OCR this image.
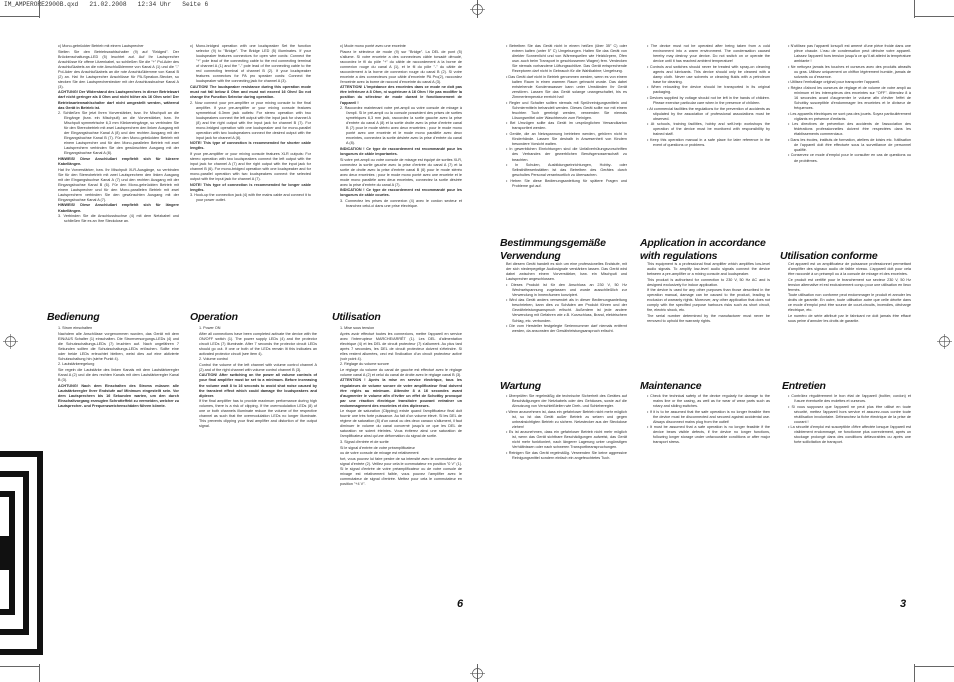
IM_AMPERORE2900B.qxd   21.02.2008   12:34 Uhr   Seite 6

c) Mono-gebrückter Betrieb mit einem Lautsprecher

Stellen Sie den Betriebswahlschalter (9) auf "Bridged". Der Brückenschaltungs-LED (5) leuchtet auf. Auf Ihr Lautsprecher Anschlüsse für offene Litzenkabel, so schließen Sie die "+" Pol-Ader des Anschlußkabels an die rote Anschlußklemme von Kanal A (1) und die "-" Pol-Ader des Anschlußkabels an die rote Anschlußklemme von Kanal B (2) an. Hat Ihr Lautsprecher Anschlüsse für PA-Speakon-Stecker, so stecken Sie den Lautsprecherstecker mit der Anschlussbuchse Kanal A (3).

ACHTUNG! Der Widerstand des Lautsprechers in dieser Betriebsart darf nicht geringer als 8 Ohm und nicht höher als 16 Ohm sein! Der Betriebsartenwahlschalter darf nicht umgestellt werden, während das Gerät in Betrieb ist.

2. Schließen Sie jetzt Ihren Vorverstärker, bzw. Ihr Mischpult an die Eingänge (bzw. ein Mischpult) an die Vorverstärker, bzw. Ihr Mischpult symmetrische 6,3 mm Klinkeneingänge, so verbinden Sie für den Stereobetrieb mit zwei Lautsprechern den linken Ausgang mit der Eingangsbuchse Kanal A (8) und den rechten Ausgang mit der Eingangsbuchse Kanal B (7). Für den Mono-gebrückten Betrieb mit einem Lautsprecher und für den Mono-parallelen Betrieb mit zwei Lautsprechern verbinden Sie den gewünschten Ausgang mit der Eingangsbuchse Kanal A (8).

HINWEIS! Diese Anschlußart empfiehlt sich für kürzere Kabellängen.

Hat Ihr Vorverstärker, bzw. Ihr Mischpult XLR-Ausgänge, so verbinden Sie für den Stereobetrieb mit zwei Lautsprechern den linken Ausgang mit der Eingangsbuchse Kanal A (7) und den rechten Ausgang mit der Eingangsbuchse Kanal B (6). Für den Mono-gebrückten Betrieb mit einem Lautsprecher und für den Mono-parallelen Betrieb mit zwei Lautsprechern verbinden Sie den gewünschten Ausgang mit der Eingangsbuchse Kanal A (7).

HINWEIS! Diese Anschlußart empfiehlt sich für längere Kabellängen.

3. Verbinden Sie die Anschlussbuchse (4) mit dem Netzkabel und schließen Sie es an Ihre Steckdose an.

Bedienung

1. Strom einschalten

Nachdem alle Anschlüsse vorgenommen wurden, das Gerät mit dem EIN/AUS Schalter (1) einschalten. Die Stromversorgungs-LEDs (4) und die Schutzschaltungs-LEDs (7) leuchten auf. Nach ungefähren 7 Sekunden sollten die Schutzschaltungs-LEDs erlöschen. Sollte eine oder beide LEDs erleuchtet bleiben, weist dies auf eine aktivierte Schutzschaltung hin (siehe Punkt 4).

2. Lautstärkeregelung

Sie regeln die Lautstärke des linken Kanals mit dem Lautstärkeregler Kanal A (2) und die des rechten Kanals mit dem Lautstärkeregler Kanal B (3).

ACHTUNG! Nach dem Einschalten des Stroms müssen alle Lautstärkeregler Ihrer Endstufe auf Minimum eingestellt sein. Vor dem Lautsprechern bis 16 Sekunden warten, um den durch Einschaltvorgang erzeugten Schrotteffekt zu vermeiden, welcher zu Lautsprecher- und Frequenzweichenschäden führen könnte.

c) Mono-bridged operation with one loudspeaker Set the function selector (9) to "Bridge". The Bridge LED (5) illuminates. If your loudspeaker features connectors for open wire cords: Connect the "+" pole lead of the connecting cable to the red connecting terminal of channel A (1) and the "-" pole lead of the connecting cable to the red connecting terminal of channel B (2). If your loudspeaker features connectors for PA pro speaker cords: Connect the loudspeaker with the connecting jack for channel A (3).

CAUTION! The loudspeaker resistance during this operation mode must not fall below 8 Ohm and must not exceed 16 Ohm! Do not change the Function Selector during operation.

2. Now connect your pre-amplifier or your mixing console to the final amplifier. If your pre-amplifier or your mixing console features symmetrical 6.3mm jack outlets: For stereo operation with two loudspeakers connect the left output with the input jack for channel A (8) and the right output with the input jack for channel B (7). For mono-bridged operation with one loudspeaker and for mono-parallel operation with two loudspeakers connect the desired output with the input jack for channel A (8).

NOTE! This type of connection is recommended for shorter cable lengths.

If your pre-amplifier or your mixing console features XLR outputs: For stereo operation with two loudspeakers connect the left output with the input jack for channel A (7) and the right output with the input jack for channel B (6). For mono-bridged operation with one loudspeaker and for mono-parallel operation with two loudspeakers connect the selected output with the input jack for channel A (7).

NOTE! This type of connection is recommended for longer cable lengths.

3. Hook-up the connection jack (4) with the mains cable and connect it to your power outlet.

Operation

1. Power ON

After all connections have been completed activate the device with the ON/OFF switch (1). The power supply LEDs (4) and the protector circuit LEDs (7) illuminate. After 7 seconds the protector circuit LEDs should go out. If one or both of the LEDs remain lit this indicates an activated protector circuit (see item 4).

2. Volume control

Control the volume of the left channel with volume control channel A (2) and of the right channel with volume control channel B (3).

CAUTION! After switching on the power all volume controls of your final amplifier must be set to a minimum. Before increasing the volume wait 8 to 16 seconds to avoid shot noise caused by the transient effect which could damage the loudspeakers and diplexer.

If the final amplifier has to provide maximum performance during high volumes, there is a risk of clipping. If the overmodulation LEDs (8) of one or both channels illuminate reduce the volume of the respective channel as such that the overmodulation LEDs no longer illuminate. This prevents clipping your final amplifier and distortion of the output signal.

c) Mode mono ponté avec une enceinte

Placez le sélecteur de mode (9) sur "Bridge". La DEL de pont (5) s'allume. Si votre enceinte a des connecteurs câble torsadé dénudé, raccordez le fil du pôle "+" du câble de raccordement à la borne de connexion rouge du canal A (1), et le fil du pôle "-" du câble de raccordement à la borne de connexion rouge du canal B (2). Si votre enceinte a des connecteurs pour câble d'enceinte PA Pro(2), raccordez l'enceinte avec la borne de raccord d'enceinte du canal A (3).

ATTENTION! L'impédance des enceintes dans ce mode ne doit pas être inférieure à 8 Ohm, ni supérieure à 16 Ohm ! Ne pas modifier la position du sélecteur de mode durant le fonctionnement de l'appareil !

2. Raccordez maintenant votre pré-ampli ou votre console de mixage à l'ampli. Si le pré-ampli ou la console possèdent des prises de sorties symétriques 6,3 mm jack, raccordez la sortie gauche avec la prise d'entrée du canal A (8) et la sortie droite avec la prise d'entrée canal B (7) pour le mode stéréo avec deux enceintes ; pour le mode mono ponté avec une enceinte et le mode mono parallèle avec deux enceintes, connectez la sortie désirée avec la prise d'entrée du canal A (8).

INDICATION ! Ce type de raccordement est recommandé pour les longueurs de câble importantes.

Si votre pré-ampli ou votre console de mixage est équipé de sorties XLR, connectez la sortie gauche avec la prise d'entrée du canal A (7) et la sortie de droite avec la prise d'entrée canal B (6) pour le mode stéréo avec deux enceintes ; pour le mode mono ponté avec une enceinte et le mode mono parallèle avec deux enceintes, connectez la sortie désirée avec la prise d'entrée du canal A (7).

INDICATION ! Ce type de raccordement est recommandé pour les longueurs de câble courtes.

3. Connectez les prises de connexion (4) avec le cordon secteur et branchez celui-ci dans une prise électrique.

Utilisation

1. Mise sous tension

Après avoir effectué toutes les connexions, mettre l'appareil en service avec l'interrupteur MARCHE/ARRÊT (1). Les DEL d'alimentation électrique (4) et les DEL de circuit protecteur (7) s'allument. Au plus tard après 7 secondes, les DEL de circuit protecteur doivent s'éteindre. Si elles restent allumées, ceci est l'indication d'un circuit protecteur activé (voir point 4).

2. Réglage du volume sonore

Le réglage du volume du canal de gauche est effectué avec le réglage volume canal A (2) et celui du canal de droite avec le réglage canal B (3).

ATTENTION ! Après la mise en service électrique, tous les régulateurs de volume sonore de votre amplificateur final doivent être réglés au minimum. Attendre 8 à 16 secondes avant d'augmenter le volume afin d'éviter un effet de Schottky provoqué par une réaction électrique transitoire pouvant entraîner un endommagement des enceintes et des diplexeurs.

Le risque de saturation (Clipping) existe quand l'amplificateur final doit fournir une très forte puissance. Au fait d'un volume élevé. Si les DEL de régime de saturation (8) d'un canal ou des deux canaux s'allument, il faut diminuer le volume du canal concerné jusqu'à ce que les DEL de saturation ne soient éteintes. Vous éviterez ainsi une saturation de l'amplificateur ainsi qu'une déformation du signal de sortie.

3. Signal d'entrée et de sortie

Si le signal d'entrée de votre préamplificateur

ou de votre console de mixage est relativement

fort, vous pouvez lui faire perdre de sa intensité avec le commutateur de signal d'entrée (2). Veillez pour cela le commutateur en position "0 V" (1). Si le signal d'entrée de votre préamplificateur ou de votre console de mixage est relativement faible, vous pouvez l'amplifier avec le commutateur de signal d'entrée. Mettez pour cela le commutateur en position "+4 V".

• Betreiben Sie das Gerät nicht in einem heißen (über 35° C) oder extrem kalten (unter 5° C) Umgebungen. Halten Sie das Gerät von direkter Sonnenlicht und von Wärmequellen wie Heizkörpern, Öfen usw. auch beim Transport in geschlossenen Wagen) fern. Verdecken Sie niemals vorhandene Lüftungsschlitze. Das Gerät entsprechende Rezeptoren darf nicht in Gebrauch für die Wahlkabine; Umgebung.

• Das Gerät darf nicht in Betrieb genommen werden, wenn es von einem kalten Raum in einen warmen Raum gebracht wurde. Das dabei entstehende Kondenswasser kann unter Umständen Ihr Gerät zerstören. Lassen Sie das Gerät solange unangeschaltet, bis es Zimmertemperatur erreicht hat!

• Regler und Schalter sollten niemals mit Sprühreinigungsmitteln und Schmiermitteln behandelt werden. Dieses Gerät sollte nur mit einem feuchten Tuch gereinigt werden, verwenden Sie niemals Lösungsmittel oder Waschbenzin zum Reinigen.

• Bei Umzügen sollte das Gerät im ursprünglichen Versandkarton transportiert werden.

• Geräte, die an Netzspannung betrieben werden, gehören nicht in Kinderhände. Lassen Sie deshalb in Anwesenheit von Kindern besondere Vorsicht walten.

• In gewerblichen Einrichtungen sind die Unfallverhütungsvorschriften des Verbandes der gewerblichen Berufsgenossenschaft zu beachten.

• In Schulen, Ausbildungseinrichtungen, Hobby- oder Selbsthilfewerkstätten ist das Betreiben des Gerätes durch geschultes Personal verantwortlich zu überwachen.

• Heben Sie diese Bedienungsanleitung für spätere Fragen und Probleme gut auf.

Bestimmungsgemäße Verwendung

Bei diesem Gerät handelt es sich um eine professionelles Endstufe, mit der sich niederpegelige Audiosignale verstärken lassen. Das Gerät wird dabei zwischen einem Vorverstärker, bzw. ein Mischpult und Lautsprecher angeschlossen.

• Dieses Produkt ist für den Anschluss an 230 V, 50 Hz Wechselspannung zugelassen und wurde ausschließlich zur Verwendung in Innenräumen konzipiert.

• Wird das Gerät anders verwendet als in dieser Bedienungsanleitung beschrieben, kann dies zu Schäden am Produkt führen und der Gewährleistungsanspruch erlischt. Außerdem ist jede andere Verwendung mit Gefahren wie z.B. Kurzschluss, Brand, elektrischem Schlag, etc. verbunden.

• Die vom Hersteller festgelegte Seriennummer darf niemals entfernt werden, da ansonsten der Gewährleistungsanspruch erlischt.

Wartung

• Überprüfen Sie regelmäßig die technische Sicherheit des Gerätes auf Beschädigungen der Netzkabels oder des Gehäuses, sowie auf die Abnutzung von Verschleißteilen wie Dreh- und Schieberegler.

• Wenn anzunehmen ist, dass ein gefahrloser Betrieb nicht mehr möglich ist, so ist das Gerät außer Betrieb zu setzen und gegen unbeabsichtigten Betrieb zu sichern. Netzstecker aus der Steckdose ziehen!

• Es ist anzunehmen, dass ein gefahrloser Betrieb nicht mehr möglich ist, wenn das Gerät sichtbare Beschädigungen aufweist, das Gerät nicht mehr funktioniert, nach längerer Lagerung unter ungünstigen Verhältnissen oder nach schweren Transportbeanspruchungen.

• Reinigen Sie das Gerät regelmäßig. Verwenden Sie keine aggressive Reinigungsmittel sondern einfach ein angefeuchtetes Tuch.

• The device must not be operated after being taken from a cold environment into a warm environment. The condensation caused hereby may destroy your device. Do not switch on or operate the device until it has reached ambient temperature!

• Controls and switches should never be treated with spray-on cleaning agents and lubricants. This device should only be cleaned with a damp cloth. Never use solvents or cleaning fluids with a petroleum base for cleaning.

• When relocating the device should be transported in its original packaging.

• Devices supplied by voltage should not be left in the hands of children. Please exercise particular care when in the presence of children.

• At commercial facilities the regulations for the prevention of accidents as stipulated by the association of professional associations must be observed.

• At schools, training facilities, hobby and self-help workshops the operation of the device must be monitored with responsibility by trained staff.

• Keep this operation manual in a safe place for later reference in the event of questions or problems.

Application in accordance with regulations

This equipment is a professional final amplifier which amplifies low-level audio signals. To amplify low-level audio signals connect the device between a pre-amplifier or a mixing console and loudspeaker.

This product is authorised for connection to 230 V, 50 Hz AC and is designed exclusively for indoor application.

If the device is used for any other purposes than those described in the operation manual, damage can be caused to the product, leading to exclusion of warranty rights. Moreover, any other application that does not comply with the specified purpose harbours risks such as short circuit, fire, electric shock, etc.

The serial number determined by the manufacturer must never be removed to uphold the warranty rights.

Maintenance

• Check the technical safety of the device regularly for damage to the mains line or the casing, as well as for wear of wear parts such as rotary and sliding switches.

• If it is to be assumed that the safe operation is no longer feasible then the device must be disconnected and secured against accidental use. Always disconnect mains plug from the outlet!

• It must be assumed that a safe operation is no longer feasible if the device bears visible defects, if the device no longer functions, following longer storage under unfavourable conditions or after major transport stress.

• N'utilisez pas l'appareil lorsqu'il est amené d'une pièce froide dans une pièce chaude. L'eau de condensation peut détruire votre appareil. Laissez l'appareil hors tension jusqu'à ce qu'il ait atteint la température ambiante !

• Ne nettoyez jamais les touches et curseurs avec des produits abrasifs ou gras. Utilisez uniquement un chiffon légèrement humide, jamais de solvants ou d'essence.

• Utilisez l'emballage original pour transporter l'appareil.

• Réglez d'abord les curseurs de réglage et de volume de votre ampli au minimum et les interrupteurs des enceintes sur "OFF". Attendez 8 à 16 secondes avant d'augmenter le volume afin d'éviter l'effet de Schottky susceptible d'endommager les enceintes et le diviseur de fréquences.

• Les appareils électriques ne sont pas des jouets. Soyez particulièrement vigilants en présence d'enfants.

• Les directives de prévention des accidents de l'association des fédérations professionnelles doivent être respectées dans les établissements commerciaux.

• Dans les écoles, instituts de formation, ateliers de loisirs etc. l'utilisation de l'appareil doit être effectuée sous la surveillance de personnel qualifié.

• Conservez ce mode d'emploi pour le consulter en cas de questions ou de problèmes.

Utilisation conforme

Cet appareil est un amplificateur de puissance professionnel permettant d'amplifier des signaux audio de faible niveau. L'appareil doit pour cela être raccordé à un préampli ou à la console de mixage et des enceintes.

Ce produit est certifié pour le branchement sur secteur 230 V, 50 Hz tension alternative et est exclusivement conçu pour une utilisation en lieux fermés.

Toute utilisation non conforme peut endommager le produit et annuler les droits de garantie. En outre, toute utilisation autre que celle décrite dans ce mode d'emploi peut être source de court-circuits, incendies, décharge électrique, etc.

Le numéro de série attribué par le fabricant ne doit jamais être effacé sous peine d'annuler les droits de garantie.

Entretien

• Contrôlez régulièrement le bon état de l'appareil (boîtier, cordon) et l'usure éventuelle des molettes et curseurs.

• Si vous supposez que l'appareil ne peut plus être utilisé en toute sécurité, mettez l'appareil hors service et assurez-vous contre toute réutilisation involontaire. Débranchez la fiche électrique de la prise de courant !

• La sécurité d'emploi est susceptible d'être affectée lorsque l'appareil est visiblement endommagé, ne fonctionne plus correctement, après un stockage prolongé dans des conditions défavorables ou après une forte sollicitation de transport.

6	3
